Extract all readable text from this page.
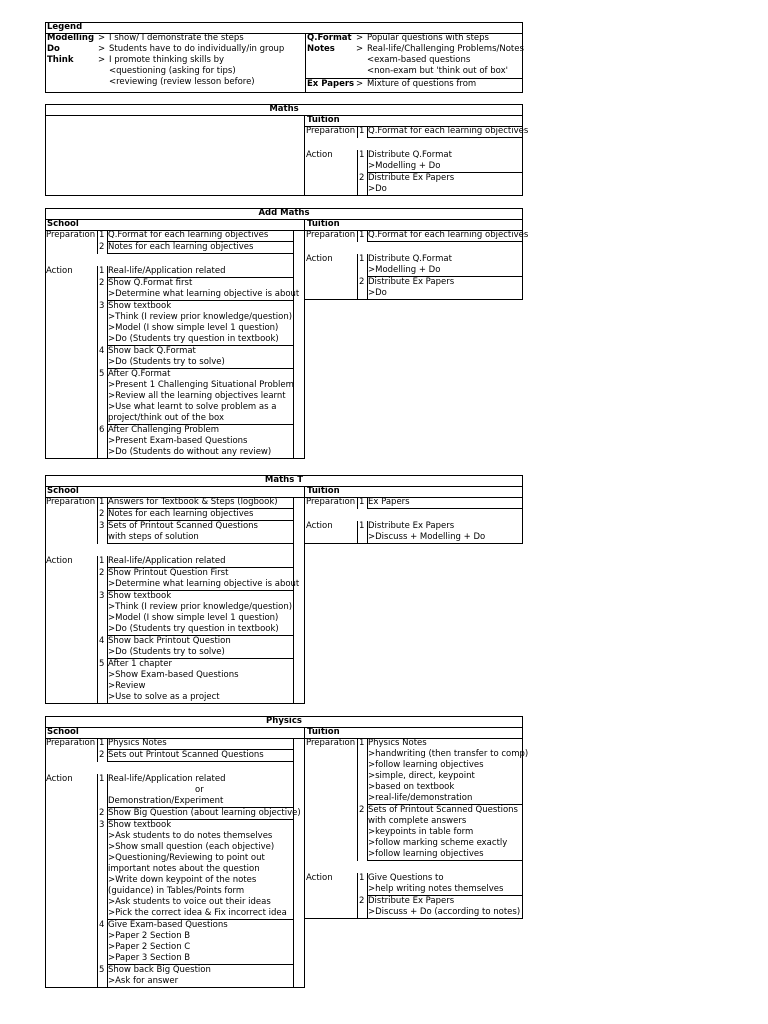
Legend
Modelling > I show/ I demonstrate the steps
Do	> Students have to do individually/in group
Think	> I promote thinking skills by
<questioning (asking for tips)
<reviewing (review lesson before)
Q.Format > Popular questions with steps
Notes > Real-life/Challenging Problems/Notes
<exam-based questions
<non-exam but 'think out of box'
Ex Papers > Mixture of questions from
Maths
Tuition
Preparation 1 Q.Format for each learning objectives
Action	1 Distribute Q.Format
>Modelling + Do
2 Distribute Ex Papers
>Do
Add Maths
Tuition
Preparation 1 Q.Format for each learning objectives
Action	1 Distribute Q.Format
>Modelling + Do
2 Distribute Ex Papers
>Do
School
Preparation 1 Q.Format for each learning objectives
2 Notes for each learning objectives
Action	1 Real-life/Application related
2 Show Q.Format first
>Determine what learning objective is about
3 Show textbook
>Think (I review prior knowledge/question)
>Model (I show simple level 1 question)
>Do (Students try question in textbook)
4 Show back Q.Format
>Do (Students try to solve)
5 After Q.Format
>Present 1 Challenging Situational Problem
>Review all the learning objectives learnt
>Use what learnt to solve problem as a
project/think out of the box
6 After Challenging Problem
>Present Exam-based Questions
>Do (Students do without any review)
Maths T
Tuition
Preparation 1 Ex Papers
Action	1 Distribute Ex Papers
>Discuss + Modelling + Do
School
Preparation 1 Answers for Textbook & Steps (logbook)
2 Notes for each learning objectives
3 Sets of Printout Scanned Questions
with steps of solution
Action	1 Real-life/Application related
2 Show Printout Question First
>Determine what learning objective is about
3 Show textbook
>Think (I review prior knowledge/question)
>Model (I show simple level 1 question)
>Do (Students try question in textbook)
4 Show back Printout Question
>Do (Students try to solve)
5 After 1 chapter
>Show Exam-based Questions
>Review
>Use to solve as a project
Physics
Tuition
Preparation 1 Physics Notes
>handwriting (then transfer to comp)
>follow learning objectives
>simple, direct, keypoint
>based on textbook
>real-life/demonstration
2 Sets of Printout Scanned Questions
with complete answers
>keypoints in table form
>follow marking scheme exactly
>follow learning objectives
Action	1 Give Questions to
>help writing notes themselves
2 Distribute Ex Papers
>Discuss + Do (according to notes)
School
Preparation 1 Physics Notes
2 Sets out Printout Scanned Questions
Action	1 Real-life/Application related
or
Demonstration/Experiment
2 Show Big Question (about learning objective)
3 Show textbook
>Ask students to do notes themselves
>Show small question (each objective)
>Questioning/Reviewing to point out
important notes about the question
>Write down keypoint of the notes
(guidance) in Tables/Points form
>Ask students to voice out their ideas
>Pick the correct idea & Fix incorrect idea
4 Give Exam-based Questions
>Paper 2 Section B
>Paper 2 Section C
>Paper 3 Section B
5 Show back Big Question
>Ask for answer
